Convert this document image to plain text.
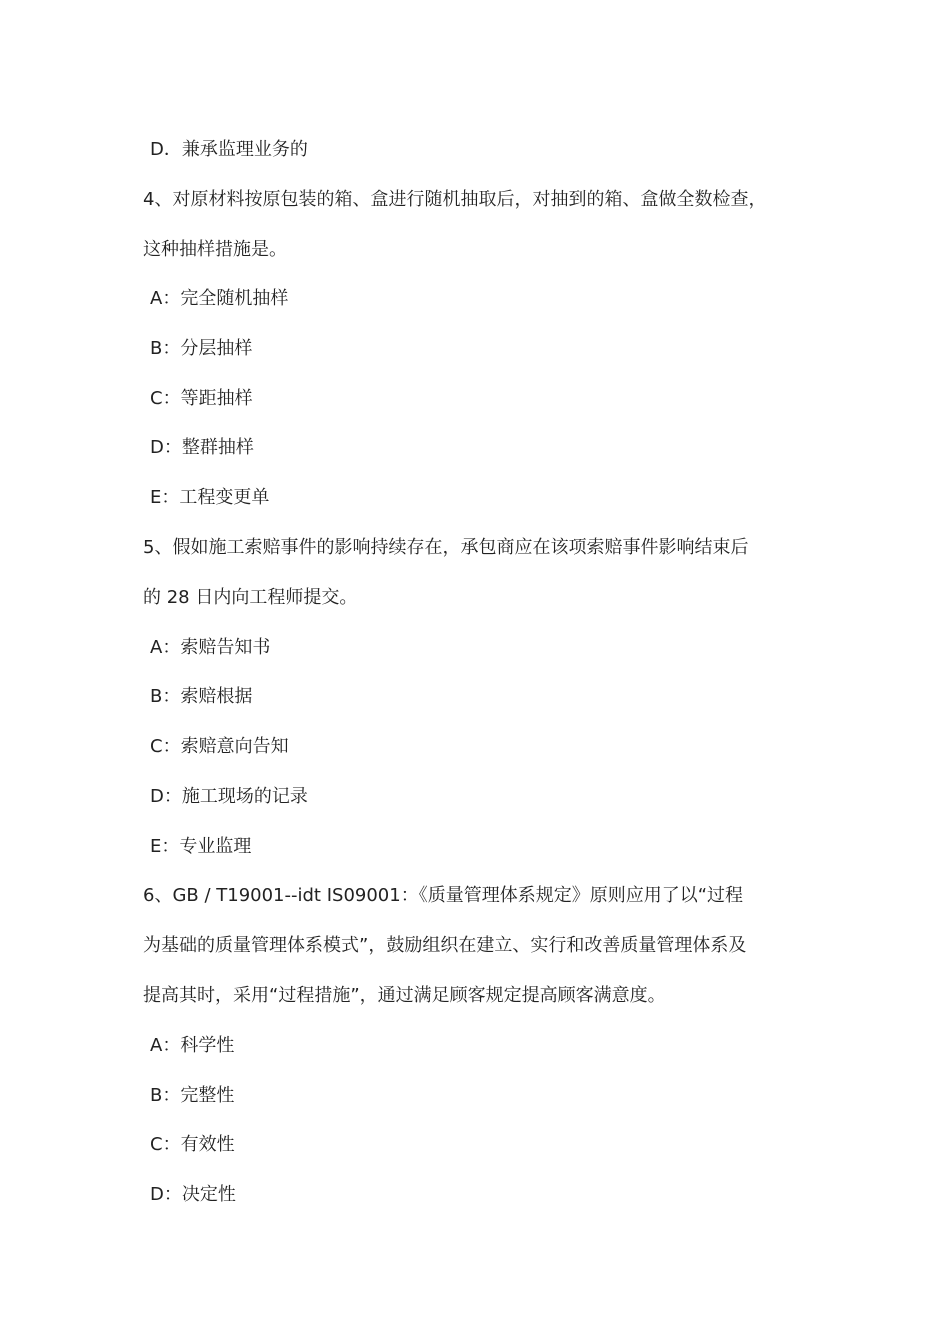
D．兼承监理业务的
4、对原材料按原包装的箱、盒进行随机抽取后，对抽到的箱、盒做全数检查，
这种抽样措施是。
A：完全随机抽样
B：分层抽样
C：等距抽样
D：整群抽样
E：工程变更单
5、假如施工索赔事件的影响持续存在，承包商应在该项索赔事件影响结束后
的 28 日内向工程师提交。
A：索赔告知书
B：索赔根据
C：索赔意向告知
D：施工现场的记录
E：专业监理
6、GB / T19001--idt IS09001：《质量管理体系规定》原则应用了以“过程
为基础的质量管理体系模式”，鼓励组织在建立、实行和改善质量管理体系及
提高其时，采用“过程措施”，通过满足顾客规定提高顾客满意度。
A：科学性
B：完整性
C：有效性
D：决定性
